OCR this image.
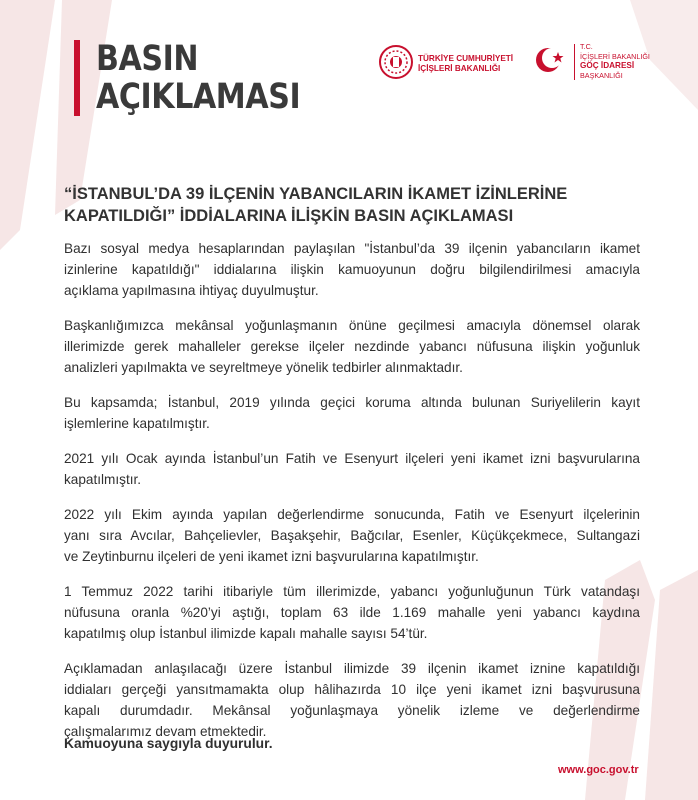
BASIN
AÇIKLAMASI
TÜRKİYE CUMHURİYETİ
İÇİŞLERİ BAKANLIĞI
T.C.
İÇİŞLERİ BAKANLIĞI
GÖÇ İDARESİ
BAŞKANLIĞI
“İSTANBUL’DA 39 İLÇENİN YABANCILARIN İKAMET İZİNLERİNE
KAPATILDIĞI” İDDİALARINA İLİŞKİN BASIN AÇIKLAMASI
Bazı sosyal medya hesaplarından paylaşılan "İstanbul’da 39 ilçenin yabancıların ikamet
izinlerine kapatıldığı" iddialarına ilişkin kamuoyunun doğru bilgilendirilmesi amacıyla
açıklama yapılmasına ihtiyaç duyulmuştur.
Başkanlığımızca mekânsal yoğunlaşmanın önüne geçilmesi amacıyla dönemsel olarak
illerimizde gerek mahalleler gerekse ilçeler nezdinde yabancı nüfusuna ilişkin yoğunluk
analizleri yapılmakta ve seyreltmeye yönelik tedbirler alınmaktadır.
Bu kapsamda; İstanbul, 2019 yılında geçici koruma altında bulunan Suriyelilerin kayıt
işlemlerine kapatılmıştır.
2021 yılı Ocak ayında İstanbul’un Fatih ve Esenyurt ilçeleri yeni ikamet izni başvurularına
kapatılmıştır.
2022 yılı Ekim ayında yapılan değerlendirme sonucunda, Fatih ve Esenyurt ilçelerinin
yanı sıra Avcılar, Bahçelievler, Başakşehir, Bağcılar, Esenler, Küçükçekmece, Sultangazi
ve Zeytinburnu ilçeleri de yeni ikamet izni başvurularına kapatılmıştır.
1 Temmuz 2022 tarihi itibariyle tüm illerimizde, yabancı yoğunluğunun Türk vatandaşı
nüfusuna oranla %20’yi aştığı, toplam 63 ilde 1.169 mahalle yeni yabancı kaydına
kapatılmış olup İstanbul ilimizde kapalı mahalle sayısı 54’tür.
Açıklamadan anlaşılacağı üzere İstanbul ilimizde 39 ilçenin ikamet iznine kapatıldığı
iddiaları gerçeği yansıtmamakta olup hâlihazırda 10 ilçe yeni ikamet izni başvurusuna
kapalı durumdadır. Mekânsal yoğunlaşmaya yönelik izleme ve değerlendirme
çalışmalarımız devam etmektedir.
Kamuoyuna saygıyla duyurulur.
www.goc.gov.tr
